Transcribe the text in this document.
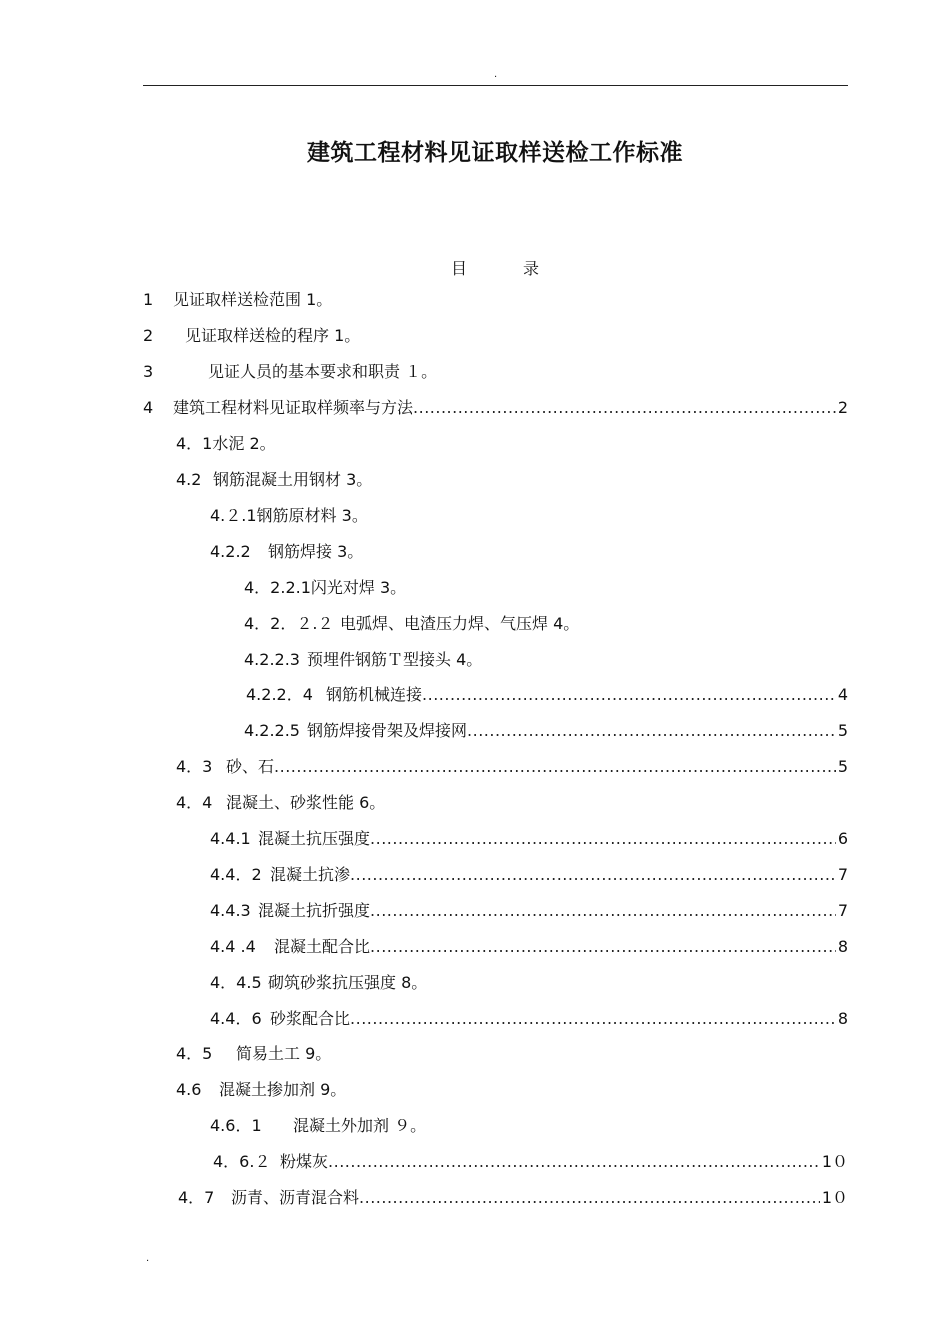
.
建筑工程材料见证取样送检工作标准
目录
1	见证取样送检范围 1。
2	见证取样送检的程序 1。
3	见证人员的基本要求和职责 １。
4	建筑工程材料见证取样频率与方法 .....	2
4．1 水泥 2。
4.2 钢筋混凝土用钢材 3。
4.２.1 钢筋原材料 3。
4.2.2	钢筋焊接 3。
4．2.2.1 闪光对焊 3。
4．2．２.２ 电弧焊、电渣压力焊、气压焊 4。
4.2.2.3 预埋件钢筋Ｔ型接头 4。
4.2.2．4 钢筋机械连接 .....	4
4.2.2.5 钢筋焊接骨架及焊接网 .....	5
4．3 砂、石 .....	5
4．4 混凝土、砂浆性能 6。
4.4.1 混凝土抗压强度 .....	6
4.4．2 混凝土抗渗 .....	7
4.4.3 混凝土抗折强度 .....	7
4.4 .4	混凝土配合比 .....	8
4．4.5 砌筑砂浆抗压强度 8。
4.4．6 砂浆配合比 .....	8
4．5	简易土工 9。
4.6	混凝土掺加剂 9。
4.6．1	混凝土外加剂 ９。
4．6.２ 粉煤灰 .....	1０
4．7	沥青、沥青混合料 .....	1０
.
